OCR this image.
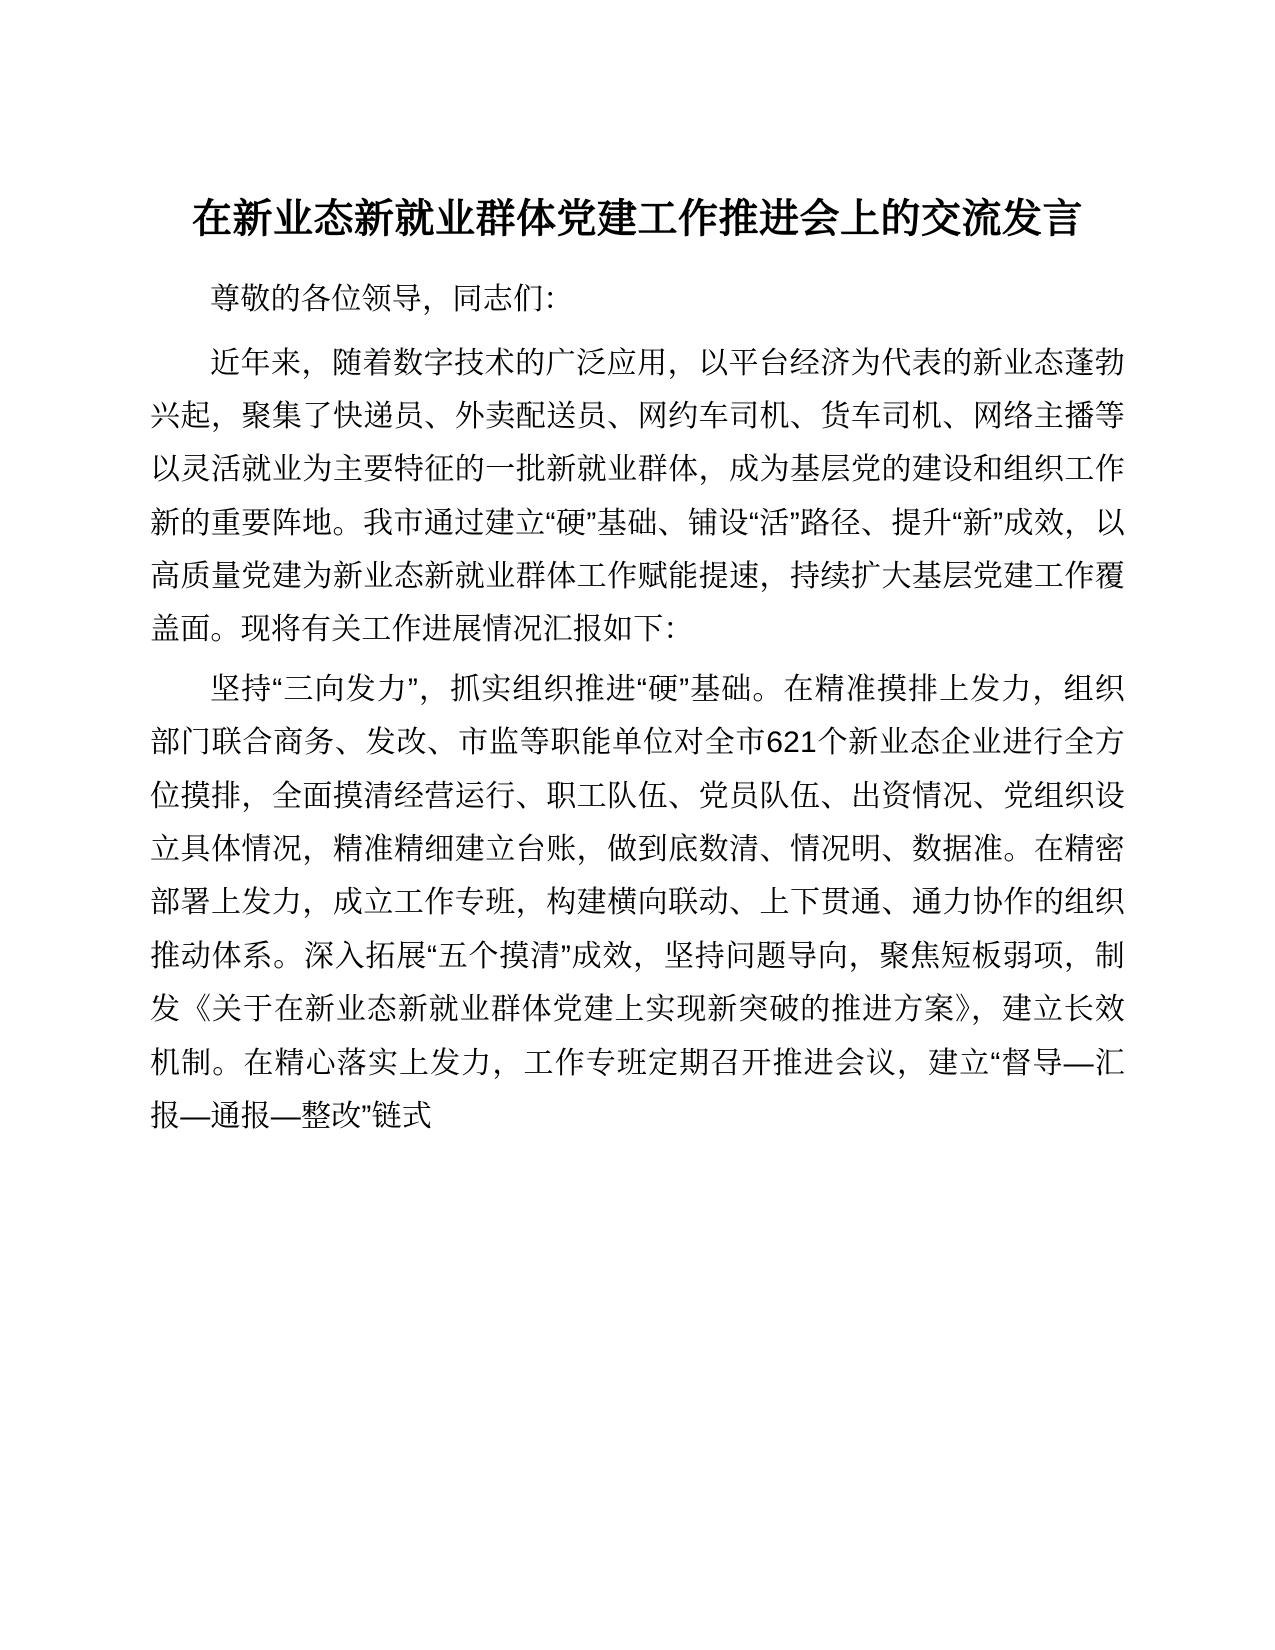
在新业态新就业群体党建工作推进会上的交流发言

尊敬的各位领导，同志们：

近年来，随着数字技术的广泛应用，以平台经济为代表的新业态蓬勃兴起，聚集了快递员、外卖配送员、网约车司机、货车司机、网络主播等以灵活就业为主要特征的一批新就业群体，成为基层党的建设和组织工作新的重要阵地。我市通过建立“硬”基础、铺设“活”路径、提升“新”成效，以高质量党建为新业态新就业群体工作赋能提速，持续扩大基层党建工作覆盖面。现将有关工作进展情况汇报如下：

坚持“三向发力”，抓实组织推进“硬”基础。在精准摸排上发力，组织部门联合商务、发改、市监等职能单位对全市621个新业态企业进行全方位摸排，全面摸清经营运行、职工队伍、党员队伍、出资情况、党组织设立具体情况，精准精细建立台账，做到底数清、情况明、数据准。在精密部署上发力，成立工作专班，构建横向联动、上下贯通、通力协作的组织推动体系。深入拓展“五个摸清”成效，坚持问题导向，聚焦短板弱项，制发《关于在新业态新就业群体党建上实现新突破的推进方案》，建立长效机制。在精心落实上发力，工作专班定期召开推进会议，建立“督导—汇报—通报—整改”链式
